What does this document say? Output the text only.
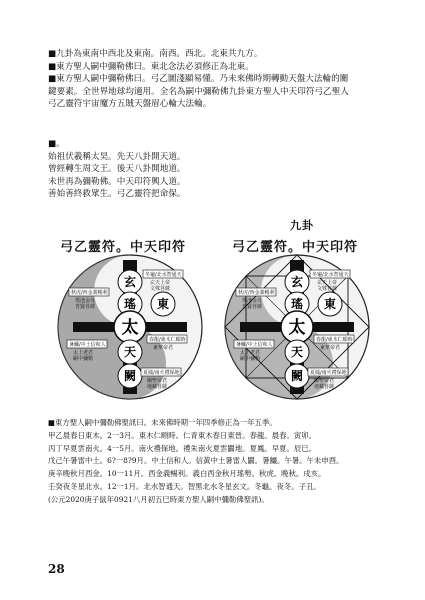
■九卦為東南中西北及東南。南西。西北。北東共九方。

■東方聖人嗣中彌勒佛曰。東北念法必須修正為北東。

■東方聖人嗣中彌勒佛曰。弓乙圖淺顯易懂。乃未來佛時期轉動天盤大法輪的關

鍵要素。全世界地球均適用。全名為嗣中彌勒佛九卦東方聖人中天印符弓乙聖人

弓乙靈符宇宙魔方五賊天盤眉心輪大法輪。

■。

始祖伏羲稱太昊。先天八卦開天道。

曾經轉生周文王。後天八卦開地道。

未世再為彌勒佛。中天印符興人道。

善始善終救眾生。弓乙靈符把命保。

弓乙靈符。中天印符
九卦
弓乙靈符。中天印符
玄
瑤
太
天
闕
東
冬龜/北水智通天
玄天上帝
文殊菩薩
秋虎/西金義暢利
瑤池金母
普賢菩薩
春龍/東木仁順時
東華帝君
暑鱷/中土信和人
太上老君
嗣中彌勒
夏鳳/南火禮保地
關聖帝君
地藏菩薩
玄
瑤
太
天
闕
東
冬龜/北水智通天
玄天上帝
文殊菩薩
秋虎/西金義暢利
瑤池金母
普賢菩薩
春龍/東木仁順時
東華帝君
暑鱷/中土信和人
太上老君
嗣中彌勒
夏鳳/南火禮保地
關聖帝君
地藏菩薩

■東方聖人嗣中彌勒佛聖訊曰。未來佛時期一年四季修正為一年五季。

甲乙晨春日東木。2一3月。東木仁順時。仁青東木春日東晉。春龍。晨春。寅卯。

丙丁早夏雲南火。4一5月。南火禮保地。禮朱南火夏雲闢地。夏鳳。早夏。辰巳。

戊己午暑雷中土。6?一8?9月。中土信和人。信黃中土暑雷人闢。暑鱷。午暑。午未申酉。

庚辛晚秋月西金。10一11月。西金義暢利。義白西金秋月瑤勢。秋虎。晚秋。戌亥。

壬癸夜冬星北水。12一1月。北水智通天。智黑北水冬星玄文。冬龜。夜冬。子丑。

(公元2020庚子鼠年0921八月初五巳時東方聖人嗣中彌勒佛聖訊)。

28
